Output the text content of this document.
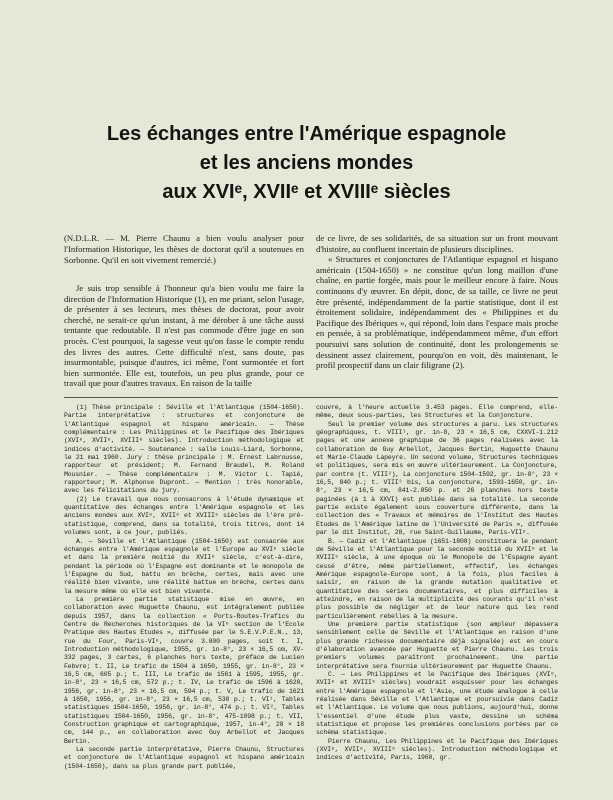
Les échanges entre l'Amérique espagnole
et les anciens mondes
aux XVIᵉ, XVIIᵉ et XVIIIᵉ siècles

(N.D.L.R. — M. Pierre Chaunu a bien voulu analyser pour l'Information Historique, les thèses de doctorat qu'il a soutenues en Sorbonne. Qu'il en soit vivement remercié.)

Je suis trop sensible à l'honneur qu'a bien voulu me faire la direction de l'Information Historique (1), en me priant, selon l'usage, de présenter à ses lecteurs, mes thèses de doctorat, pour avoir cherché, ne serait-ce qu'un instant, à me dérober à une tâche aussi tentante que redoutable. Il n'est pas commode d'être juge en son procès. C'est pourquoi, la sagesse veut qu'on fasse le compte rendu des livres des autres. Cette difficulté n'est, sans doute, pas insurmontable, puisque d'autres, ici même, l'ont surmontée et fort bien surmontée. Elle est, toutefois, un peu plus grande, pour ce travail que pour d'autres travaux. En raison de la taille

de ce livre, de ses solidarités, de sa situation sur un front mouvant d'histoire, au confluent incertain de plusieurs disciplines.

« Structures et conjonctures de l'Atlantique espagnol et hispano américain (1504-1650) » ne constitue qu'un long maillon d'une chaîne, en partie forgée, mais pour le meilleur encore à faire. Nous continuons d'y œuvrer. En dépit, donc, de sa taille, ce livre ne peut être présenté, indépendamment de la partie statistique, dont il est étroitement solidaire, indépendamment des « Philippines et du Pacifique des Ibériques », qui répond, loin dans l'espace mais proche en pensée, à sa problématique, indépendamment même, d'un effort poursuivi sans solution de continuité, dont les prolongements se dessinent assez clairement, pourqu'on en voit, dès maintenant, le profil prospectif dans un clair filigrane (2).

(1) Thèse principale : Séville et l'Atlantique (1504-1650). Partie interprétative : structures et conjoncture de l'Atlantique espagnol et hispano américain. — Thèse complémentaire : Les Philippines et le Pacifique des Ibériques (XVIᵉ, XVIIᵉ, XVIIIᵉ siècles). Introduction méthodologique et indices d'activité. — Soutenance : salle Louis-Liard, Sorbonne, le 21 mai 1960. Jury : thèse principale : M. Ernest Labrousse, rapporteur et président; M. Fernand Braudel, M. Roland Mousnier. — Thèse complémentaire : M. Victor L. Tapié, rapporteur; M. Alphonse Dupront. — Mention : très honorable, avec les félicitations du jury.

(2) Le travail que nous consacrons à l'étude dynamique et quantitative des échanges entre l'Amérique espagnole et les anciens mondes aux XVIᵉ, XVIIᵉ et XVIIIᵉ siècles de l'ère pré-statistique, comprend, dans sa totalité, trois titres, dont 14 volumes sont, à ce jour, publiés.

A. — Séville et l'Atlantique (1504-1650) est consacrée aux échanges entre l'Amérique espagnole et l'Europe au XVIᵉ siècle et dans la première moitié du XVIIᵉ siècle, c'est-à-dire, pendant la période où l'Espagne est dominante et le monopole de l'Espagne du Sud, battu en brèche, certes, mais avec une réalité bien vivante, une réalité battue en brèche, certes dans la mesure même où elle est bien vivante.

La première partie statistique mise en œuvre, en collaboration avec Huguette Chaunu, est intégralement publiée depuis 1957, dans la collection « Ports-Routes-Trafics du Centre de Recherches historiques de la VIᵉ section de l'Ecole Pratique des Hautes Etudes », diffusée par le S.E.V.P.E.N., 13, rue du Four, Paris-VIᵉ, couvre 3.800 pages, soit t. I, Introduction méthodologique, 1955, gr. in-8°, 23 × 16,5 cm, XV-332 pages, 3 cartes, 6 planches hors texte, préface de Lucien Febvre; t. II, Le trafic de 1504 à 1650, 1955, gr. in-8°, 23 × 16,5 cm, 605 p.; t. III, Le trafic de 1561 à 1595, 1955, gr. in-8°, 23 × 16,5 cm, 572 p.; t. IV, Le trafic de 1596 à 1620, 1956, gr. in-8°, 23 × 16,5 cm, 594 p.; t. V, Le trafic de 1621 à 1650, 1956, gr. in-8°, 23 × 16,5 cm, 530 p.; t. VI¹, Tables statistiques 1504-1650, 1956, gr. in-8°, 474 p.; t. VI², Tables statistiques 1504-1650, 1956, gr. in-8°, 475-1098 p.; t. VII, Construction graphique et cartographique, 1957, in-4°, 28 × 18 cm, 144 p., en collaboration avec Guy Arbellot et Jacques Bertin.

La seconde partie interprétative, Pierre Chaunu, Structures et conjoncture de l'Atlantique espagnol et hispano américain (1504-1650), dans sa plus grande part publiée,

couvre, à l'heure actuelle 3.453 pages. Elle comprend, elle-même, deux sous-parties, les Structures et la Conjoncture.

Seul le premier volume des structures a paru. Les structures géographiques, t. VIII¹, gr. in-8, 23 × 16,5 cm, CXXVI-1.212 pages et une annexe graphique de 36 pages réalisées avec la collaboration de Guy Arbellot, Jacques Bertin, Huguette Chaunu et Marie-Claude Lapeyre. Un second volume, Structures techniques et politiques, sera mis en œuvre ultérieurement. La Conjoncture, par contre (t. VIII²), La conjoncture 1504-1592, gr. in-8°, 23 × 16,5, 840 p.; t. VIII² bis, La conjoncture, 1593-1650, gr. in-8°, 23 × 16,5 cm, 841-2.050 p. et 26 planches hors texte paginées (à 1 à XXVI) est publiée dans sa totalité. La seconde partie existe également sous couverture différente, dans la collection des « Travaux et mémoires de l'Institut des Hautes Etudes de l'Amérique latine de l'Université de Paris », diffusée par le dit Institut, 28, rue Saint-Guillaume, Paris-VIIᵉ.

B. — Cadiz et l'Atlantique (1651-1808) constituera le pendant de Séville et l'Atlantique pour la seconde moitié du XVIIᵉ et le XVIIIᵉ siècle, à une époque où le Monopole de l'Espagne ayant cessé d'être, même partiellement, effectif, les échanges Amérique espagnole-Europe sont, à la fois, plus faciles à saisir, en raison de la grande mutation qualitative et quantitative des séries documentaires, et plus difficiles à atteindre, en raison de la multiplicité des courants qu'il n'est plus possible de négliger et de leur nature qui les rend particulièrement rebelles à la mesure.

Une première partie statistique (son ampleur dépassera sensiblement celle de Séville et l'Atlantique en raison d'une plus grande richesse documentaire déjà signalée) est en cours d'élaboration avancée par Huguette et Pierre Chaunu. Les trois premiers volumes paraîtront prochainement. Une partie interprétative sera fournie ultérieurement par Huguette Chaunu.

C. — Les Philippines et le Pacifique des Ibériques (XVIᵉ, XVIIᵉ et XVIIIᵉ siècles) voudrait esquisser pour les échanges entre l'Amérique espagnole et l'Asie, une étude analogue à celle réalisée dans Séville et l'Atlantique et poursuivie dans Cadiz et l'Atlantique. Le volume que nous publions, aujourd'hui, donne l'essentiel d'une étude plus vaste, dessine un schéma statistique et propose les premières conclusions portées par ce schéma statistique.

Pierre Chaunu, Les Philippines et le Pacifique des Ibériques (XVIᵉ, XVIIᵉ, XVIIIᵉ siècles). Introduction méthodologique et indices d'activité, Paris, 1960, gr.
